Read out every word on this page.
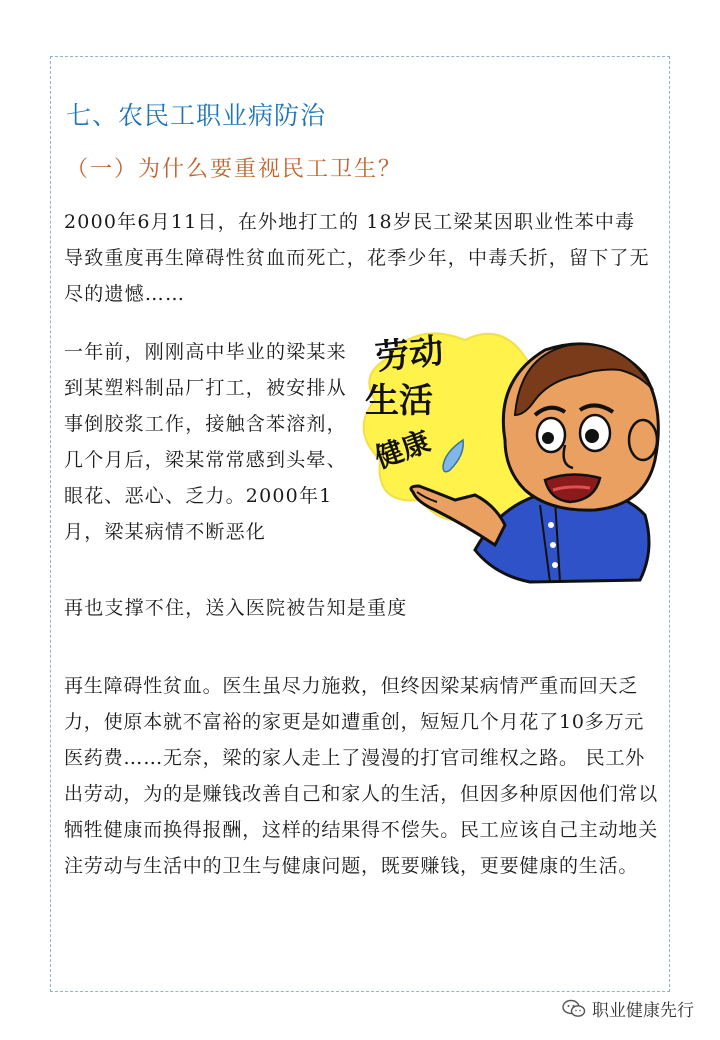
七、农民工职业病防治
（一）为什么要重视民工卫生？

2000年6月11日，在外地打工的 18岁民工梁某因职业性苯中毒导致重度再生障碍性贫血而死亡，花季少年，中毒夭折，留下了无尽的遗憾……

一年前，刚刚高中毕业的梁某来到某塑料制品厂打工，被安排从事倒胶浆工作，接触含苯溶剂，几个月后，梁某常常感到头晕、眼花、恶心、乏力。2000年1月，梁某病情不断恶化

再也支撑不住，送入医院被告知是重度

再生障碍性贫血。医生虽尽力施救，但终因梁某病情严重而回天乏力，使原本就不富裕的家更是如遭重创，短短几个月花了10多万元医药费……无奈，梁的家人走上了漫漫的打官司维权之路。 民工外出劳动，为的是赚钱改善自己和家人的生活，但因多种原因他们常以牺牲健康而换得报酬，这样的结果得不偿失。民工应该自己主动地关注劳动与生活中的卫生与健康问题，既要赚钱，更要健康的生活。

劳动
生活
健康
职业健康先行
